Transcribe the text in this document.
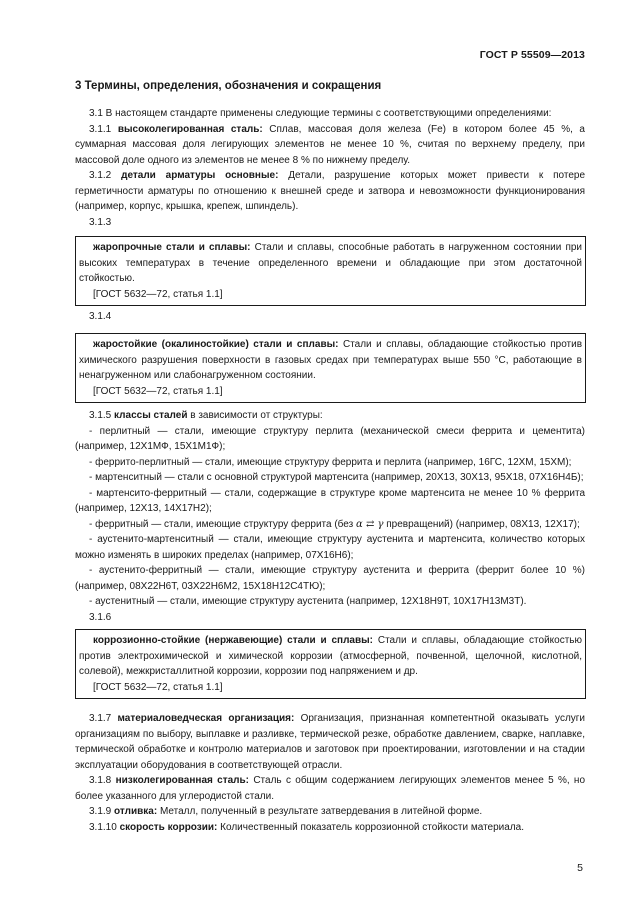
ГОСТ Р 55509—2013
3 Термины, определения, обозначения и сокращения

3.1 В настоящем стандарте применены следующие термины с соответствующими определениями:

3.1.1 высоколегированная сталь: Сплав, массовая доля железа (Fe) в котором более 45 %, а суммарная массовая доля легирующих элементов не менее 10 %, считая по верхнему пределу, при массовой доле одного из элементов не менее 8 % по нижнему пределу.

3.1.2 детали арматуры основные: Детали, разрушение которых может привести к потере герметичности арматуры по отношению к внешней среде и затвора и невозможности функционирования (например, корпус, крышка, крепеж, шпиндель).

3.1.3

жаропрочные стали и сплавы: Стали и сплавы, способные работать в нагруженном состоянии при высоких температурах в течение определенного времени и обладающие при этом достаточной стойкостью.

[ГОСТ 5632—72, статья 1.1]

3.1.4

жаростойкие (окалиностойкие) стали и сплавы: Стали и сплавы, обладающие стойкостью против химического разрушения поверхности в газовых средах при температурах выше 550 °С, работающие в ненагруженном или слабонагруженном состоянии.

[ГОСТ 5632—72, статья 1.1]

3.1.5 классы сталей в зависимости от структуры:

- перлитный — стали, имеющие структуру перлита (механической смеси феррита и цементита) (например, 12Х1МФ, 15Х1М1Ф);

- феррито-перлитный — стали, имеющие структуру феррита и перлита (например, 16ГС, 12ХМ, 15ХМ);

- мартенситный — стали с основной структурой мартенсита (например, 20Х13, 30Х13, 95Х18, 07Х16Н4Б);

- мартенсито-ферритный — стали, содержащие в структуре кроме мартенсита не менее 10 % феррита (например, 12Х13, 14Х17Н2);

- ферритный — стали, имеющие структуру феррита (без α ⇄ γ превращений) (например, 08Х13, 12Х17);

- аустенито-мартенситный — стали, имеющие структуру аустенита и мартенсита, количество которых можно изменять в широких пределах (например, 07Х16Н6);

- аустенито-ферритный — стали, имеющие структуру аустенита и феррита (феррит более 10 %) (например, 08Х22Н6Т, 03Х22Н6М2, 15Х18Н12С4ТЮ);

- аустенитный — стали, имеющие структуру аустенита (например, 12Х18Н9Т, 10Х17Н13М3Т).

3.1.6

коррозионно-стойкие (нержавеющие) стали и сплавы: Стали и сплавы, обладающие стойкостью против электрохимической и химической коррозии (атмосферной, почвенной, щелочной, кислотной, солевой), межкристаллитной коррозии, коррозии под напряжением и др.

[ГОСТ 5632—72, статья 1.1]

3.1.7 материаловедческая организация: Организация, признанная компетентной оказывать услуги организациям по выбору, выплавке и разливке, термической резке, обработке давлением, сварке, наплавке, термической обработке и контролю материалов и заготовок при проектировании, изготовлении и на стадии эксплуатации оборудования в соответствующей отрасли.

3.1.8 низколегированная сталь: Сталь с общим содержанием легирующих элементов менее 5 %, но более указанного для углеродистой стали.

3.1.9 отливка: Металл, полученный в результате затвердевания в литейной форме.

3.1.10 скорость коррозии: Количественный показатель коррозионной стойкости материала.

5
